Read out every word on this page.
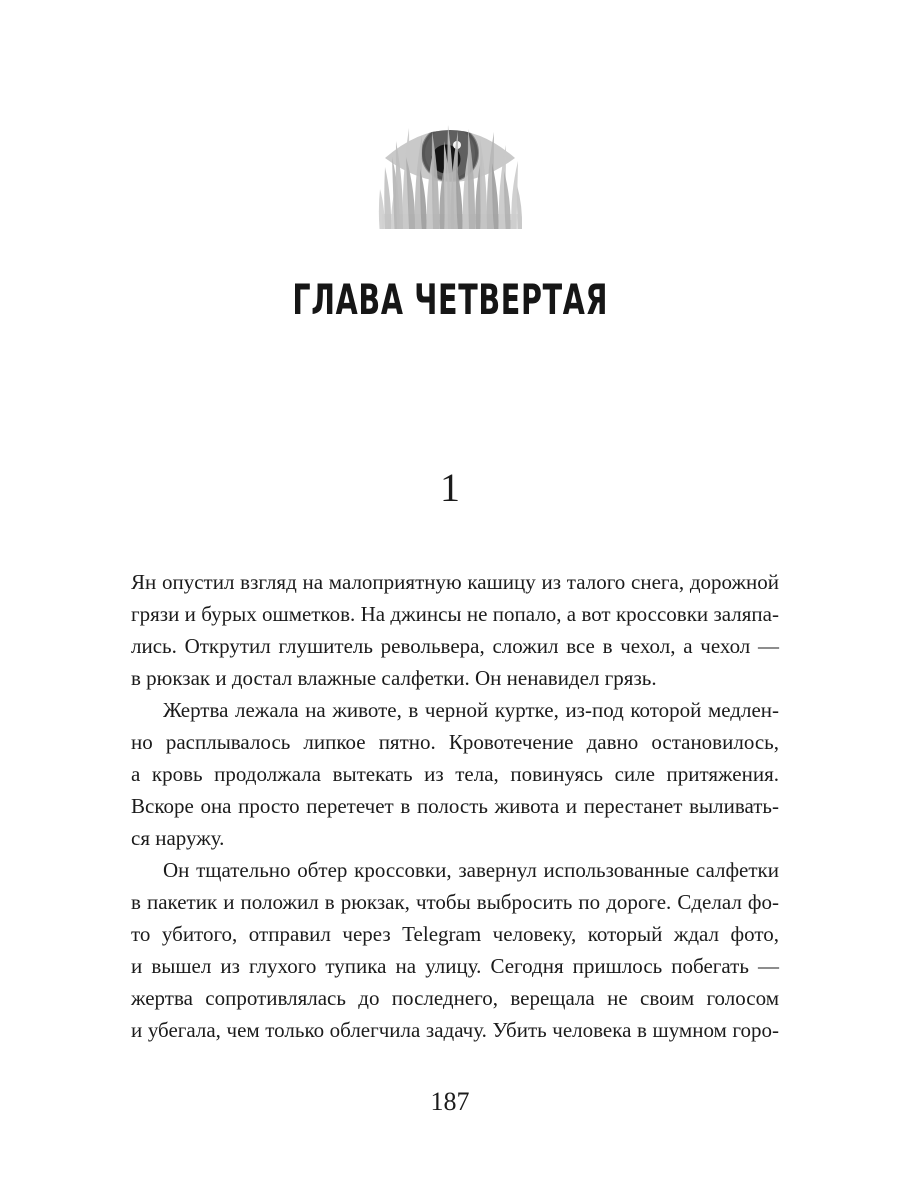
ГЛАВА ЧЕТВЕРТАЯ
1
Ян опустил взгляд на малоприятную кашицу из талого снега, дорожной
грязи и бурых ошметков. На джинсы не попало, а вот кроссовки заляпа-
лись. Открутил глушитель револьвера, сложил все в чехол, а чехол —
в рюкзак и достал влажные салфетки. Он ненавидел грязь.
Жертва лежала на животе, в черной куртке, из-под которой медлен-
но расплывалось липкое пятно. Кровотечение давно остановилось,
а кровь продолжала вытекать из тела, повинуясь силе притяжения.
Вскоре она просто перетечет в полость живота и перестанет выливать-
ся наружу.
Он тщательно обтер кроссовки, завернул использованные салфетки
в пакетик и положил в рюкзак, чтобы выбросить по дороге. Сделал фо-
то убитого, отправил через Telegram человеку, который ждал фото,
и вышел из глухого тупика на улицу. Сегодня пришлось побегать —
жертва сопротивлялась до последнего, верещала не своим голосом
и убегала, чем только облегчила задачу. Убить человека в шумном горо-
187
